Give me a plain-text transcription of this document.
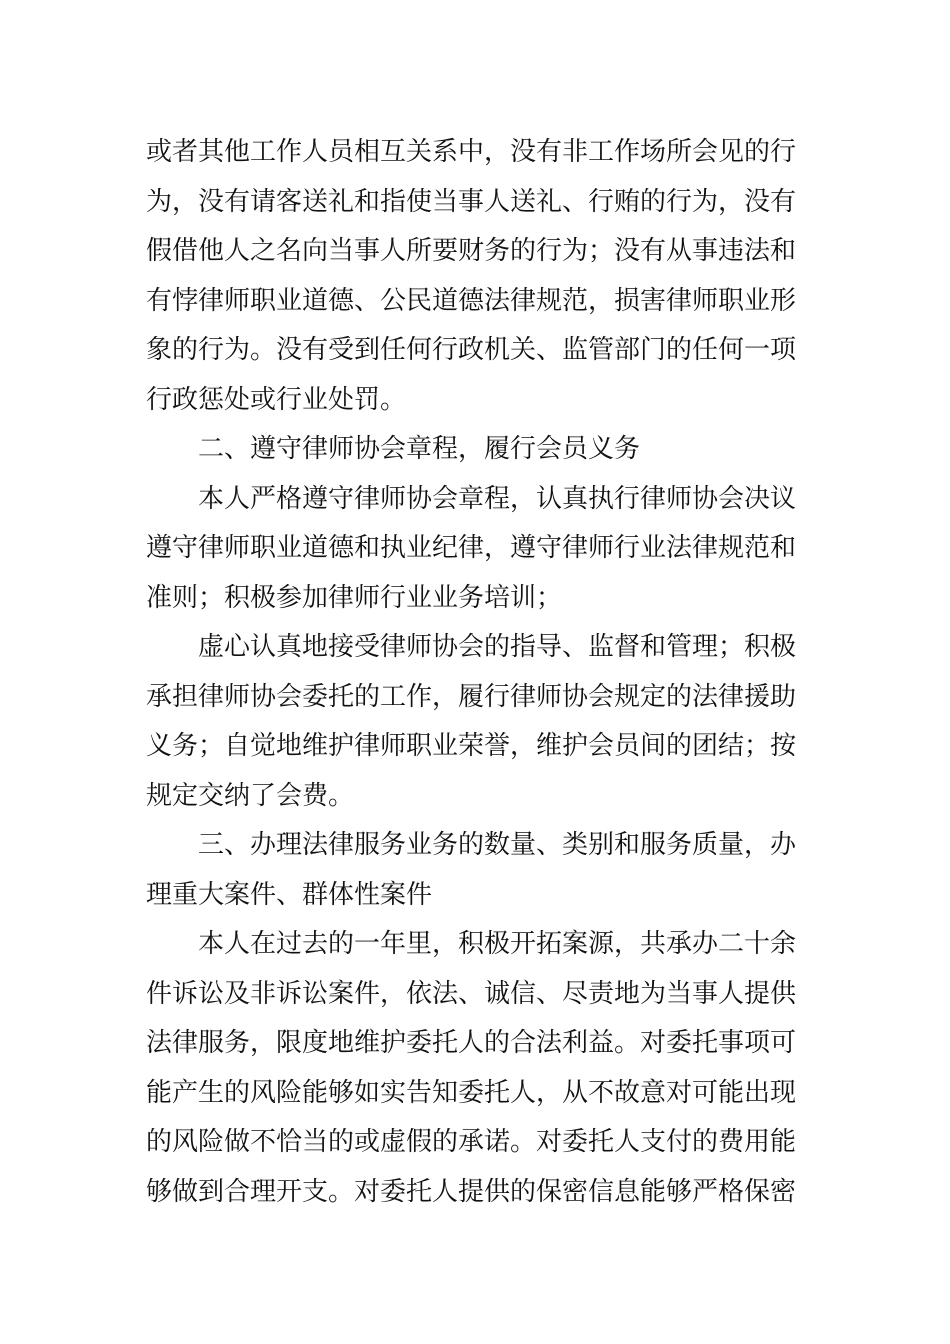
或者其他工作人员相互关系中，没有非工作场所会见的行
为，没有请客送礼和指使当事人送礼、行贿的行为，没有
假借他人之名向当事人所要财务的行为；没有从事违法和
有悖律师职业道德、公民道德法律规范，损害律师职业形
象的行为。没有受到任何行政机关、监管部门的任何一项
行政惩处或行业处罚。
二、遵守律师协会章程，履行会员义务
本人严格遵守律师协会章程，认真执行律师协会决议
遵守律师职业道德和执业纪律，遵守律师行业法律规范和
准则；积极参加律师行业业务培训；
虚心认真地接受律师协会的指导、监督和管理；积极
承担律师协会委托的工作，履行律师协会规定的法律援助
义务；自觉地维护律师职业荣誉，维护会员间的团结；按
规定交纳了会费。
三、办理法律服务业务的数量、类别和服务质量，办
理重大案件、群体性案件
本人在过去的一年里，积极开拓案源，共承办二十余
件诉讼及非诉讼案件，依法、诚信、尽责地为当事人提供
法律服务，限度地维护委托人的合法利益。对委托事项可
能产生的风险能够如实告知委托人，从不故意对可能出现
的风险做不恰当的或虚假的承诺。对委托人支付的费用能
够做到合理开支。对委托人提供的保密信息能够严格保密
